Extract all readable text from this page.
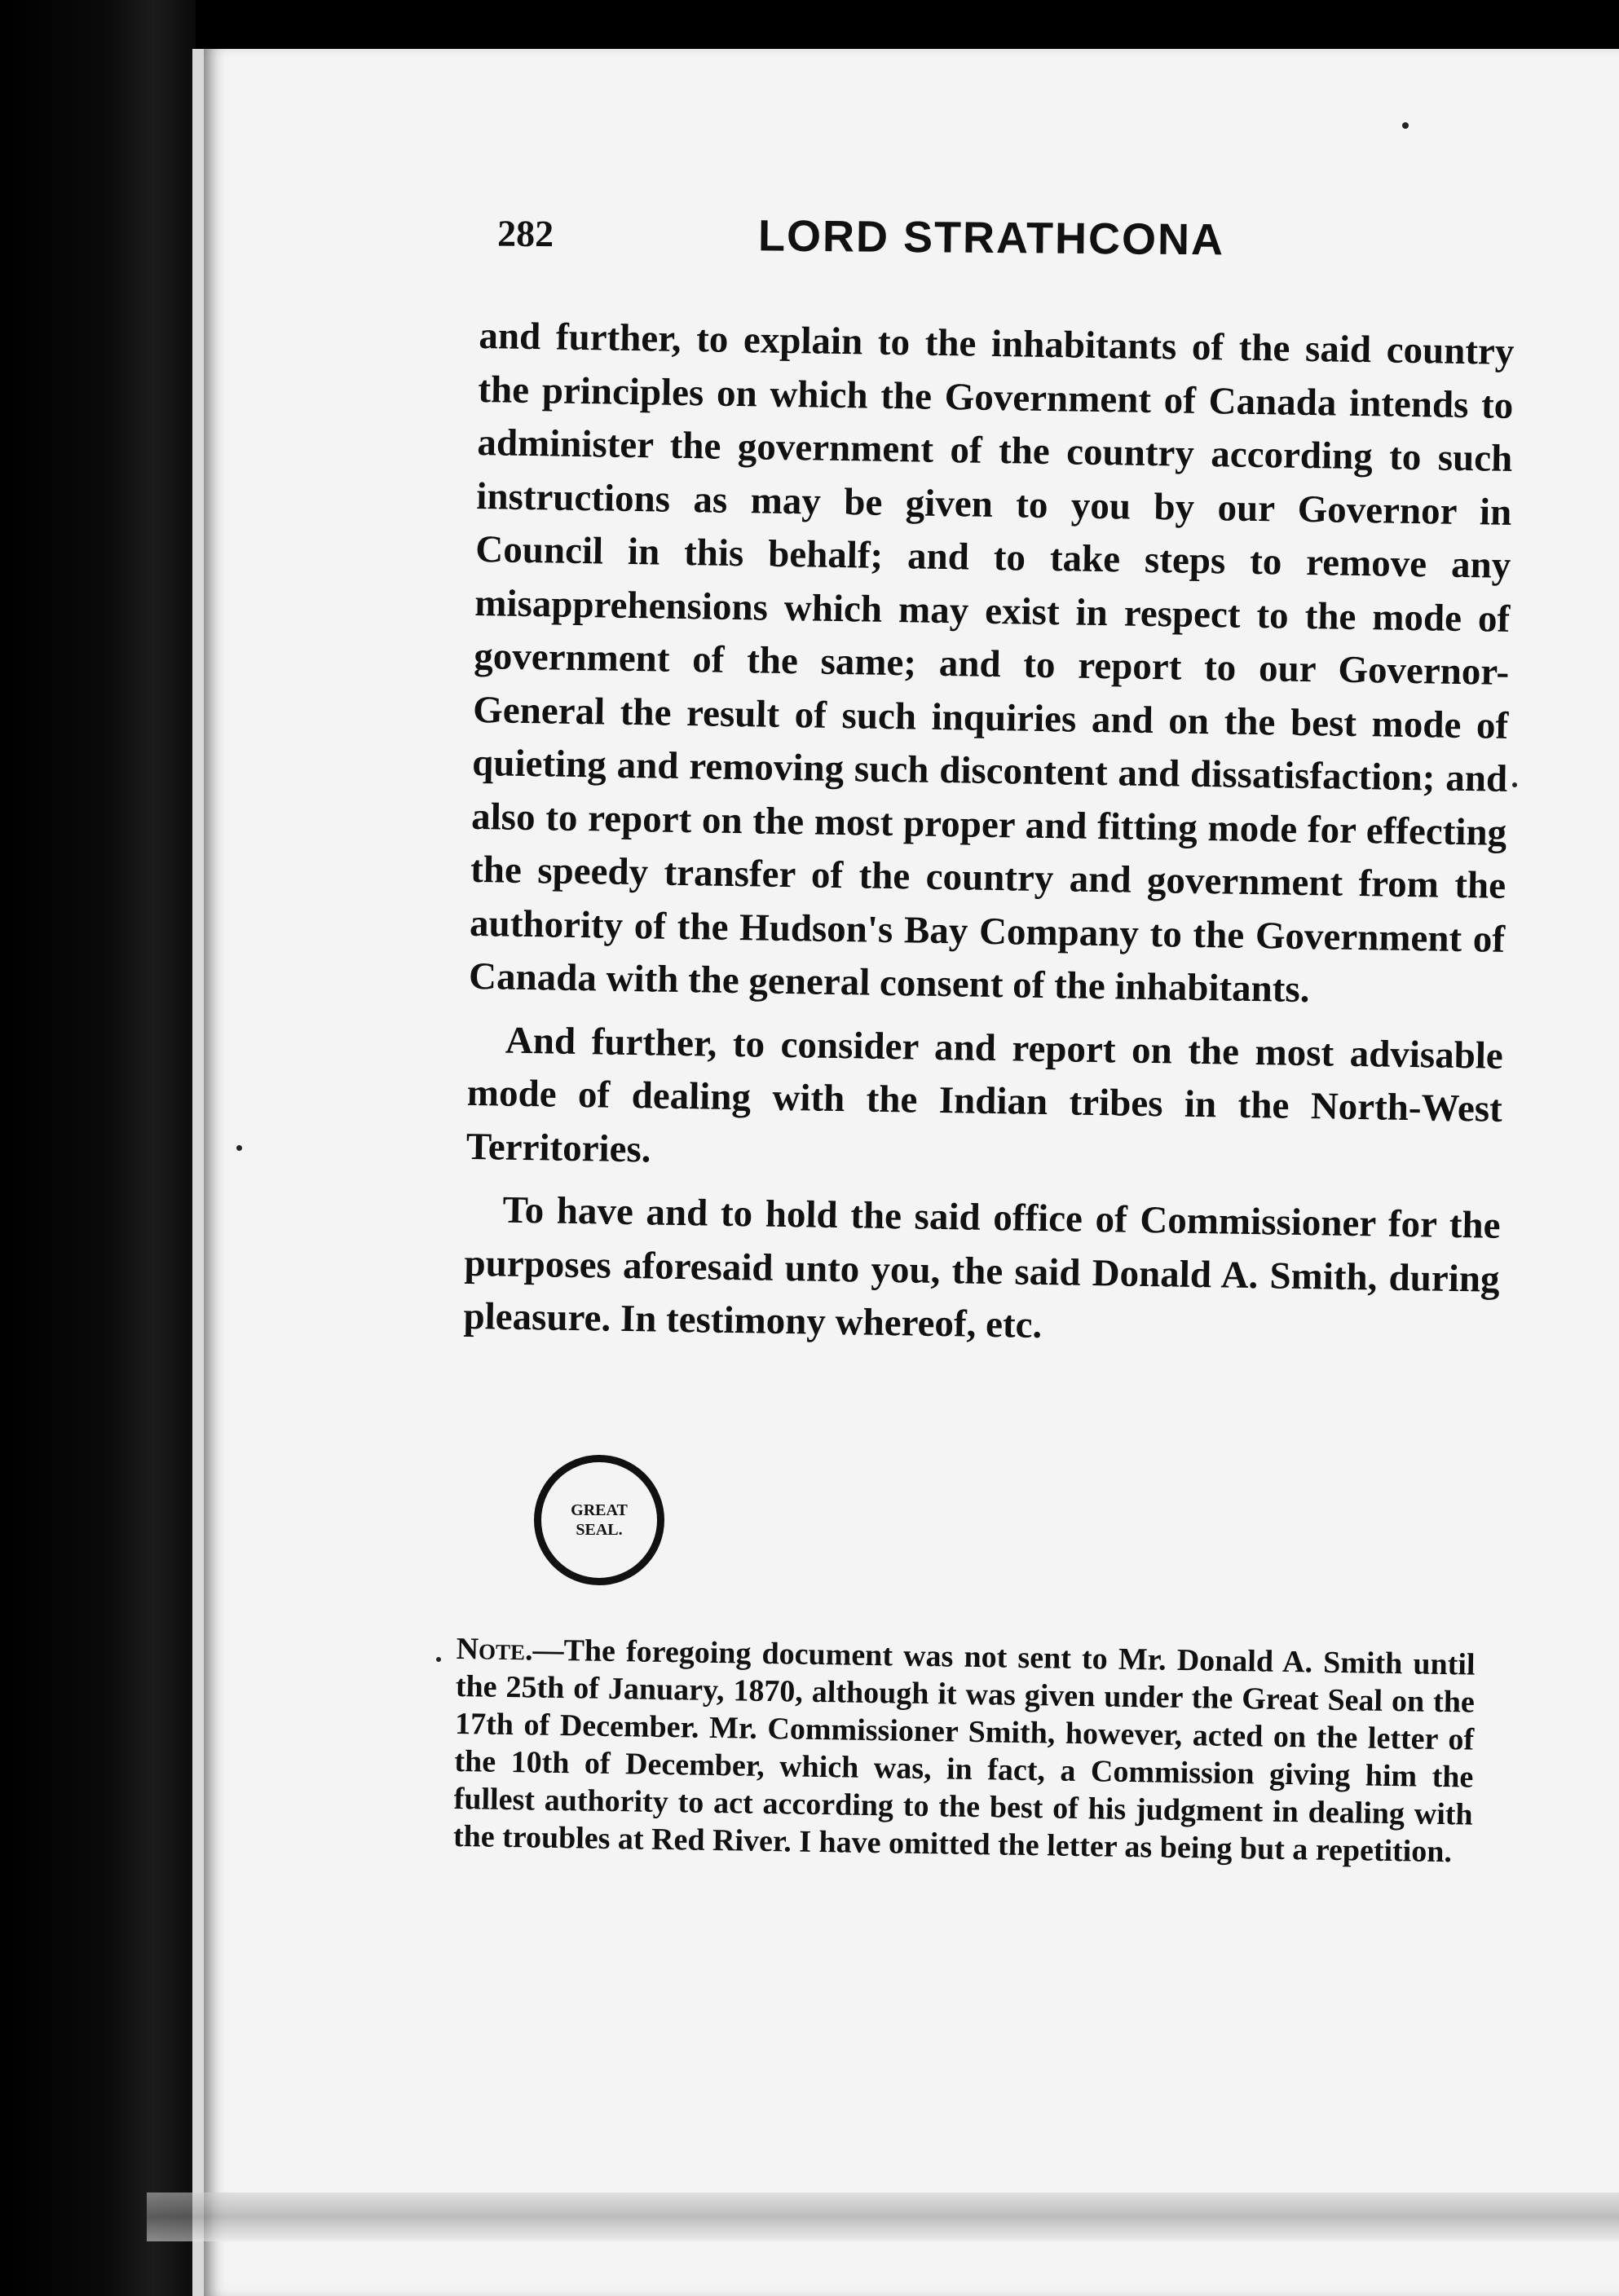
282	LORD STRATHCONA

and further, to explain to the inhabitants of the said country the principles on which the Government of Canada intends to administer the government of the country according to such instructions as may be given to you by our Governor in Council in this behalf; and to take steps to remove any misapprehensions which may exist in respect to the mode of government of the same; and to report to our Governor-General the result of such inquiries and on the best mode of quieting and removing such discontent and dissatisfaction; and also to report on the most proper and fitting mode for effecting the speedy transfer of the country and government from the authority of the Hudson's Bay Company to the Government of Canada with the general consent of the inhabitants.

And further, to consider and report on the most advisable mode of dealing with the Indian tribes in the North-West Territories.

To have and to hold the said office of Commissioner for the purposes aforesaid unto you, the said Donald A. Smith, during pleasure. In testimony whereof, etc.

GREAT
SEAL.
Note.—The foregoing document was not sent to Mr. Donald A. Smith until the 25th of January, 1870, although it was given under the Great Seal on the 17th of December. Mr. Commissioner Smith, however, acted on the letter of the 10th of December, which was, in fact, a Commission giving him the fullest authority to act according to the best of his judgment in dealing with the troubles at Red River. I have omitted the letter as being but a repetition.
